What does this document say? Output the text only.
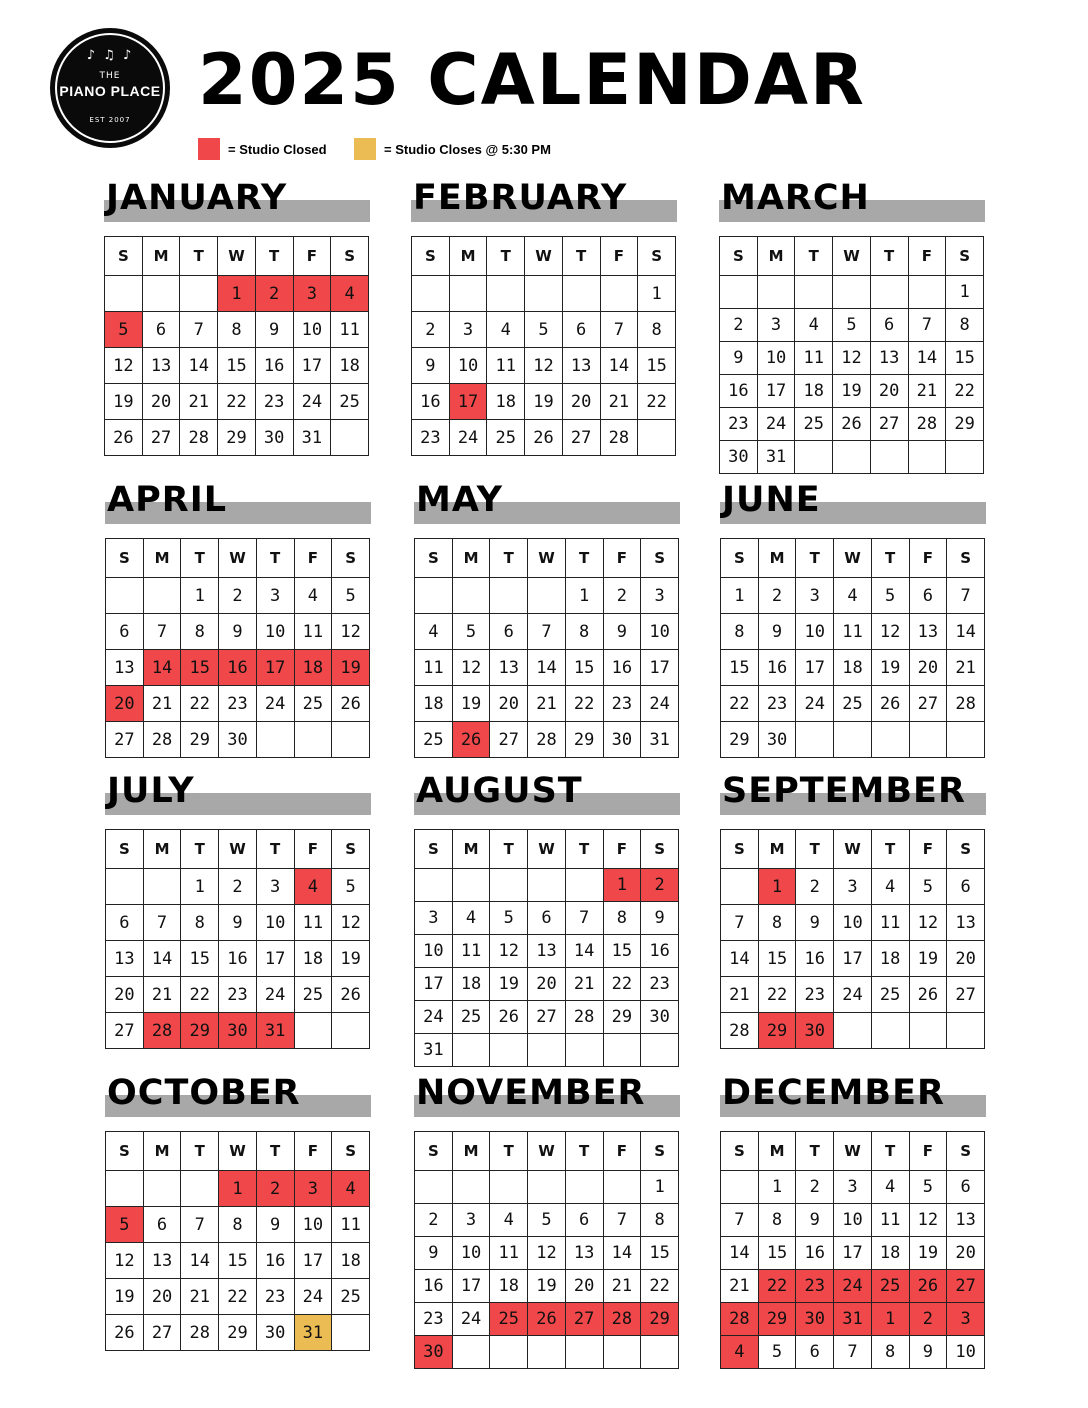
♪ ♫ ♪
THE
PIANO PLACE
EST 2007 2025 CALENDAR
= Studio Closed	= Studio Closes @ 5:30 PM
JANUARY
S	M	T	W	T	F	S
			1	2	3	4
5	6	7	8	9	10	11
12	13	14	15	16	17	18
19	20	21	22	23	24	25
26	27	28	29	30	31	
FEBRUARY
S	M	T	W	T	F	S
						1
2	3	4	5	6	7	8
9	10	11	12	13	14	15
16	17	18	19	20	21	22
23	24	25	26	27	28	
MARCH
S	M	T	W	T	F	S
						1
2	3	4	5	6	7	8
9	10	11	12	13	14	15
16	17	18	19	20	21	22
23	24	25	26	27	28	29
30	31					
APRIL
S	M	T	W	T	F	S
		1	2	3	4	5
6	7	8	9	10	11	12
13	14	15	16	17	18	19
20	21	22	23	24	25	26
27	28	29	30			
MAY
S	M	T	W	T	F	S
				1	2	3
4	5	6	7	8	9	10
11	12	13	14	15	16	17
18	19	20	21	22	23	24
25	26	27	28	29	30	31
JUNE
S	M	T	W	T	F	S
1	2	3	4	5	6	7
8	9	10	11	12	13	14
15	16	17	18	19	20	21
22	23	24	25	26	27	28
29	30					
JULY
S	M	T	W	T	F	S
		1	2	3	4	5
6	7	8	9	10	11	12
13	14	15	16	17	18	19
20	21	22	23	24	25	26
27	28	29	30	31		
AUGUST
S	M	T	W	T	F	S
					1	2
3	4	5	6	7	8	9
10	11	12	13	14	15	16
17	18	19	20	21	22	23
24	25	26	27	28	29	30
31						
SEPTEMBER
S	M	T	W	T	F	S
	1	2	3	4	5	6
7	8	9	10	11	12	13
14	15	16	17	18	19	20
21	22	23	24	25	26	27
28	29	30				
OCTOBER
S	M	T	W	T	F	S
			1	2	3	4
5	6	7	8	9	10	11
12	13	14	15	16	17	18
19	20	21	22	23	24	25
26	27	28	29	30	31	
NOVEMBER
S	M	T	W	T	F	S
						1
2	3	4	5	6	7	8
9	10	11	12	13	14	15
16	17	18	19	20	21	22
23	24	25	26	27	28	29
30						
DECEMBER
S	M	T	W	T	F	S
	1	2	3	4	5	6
7	8	9	10	11	12	13
14	15	16	17	18	19	20
21	22	23	24	25	26	27
28	29	30	31	1	2	3
4	5	6	7	8	9	10
